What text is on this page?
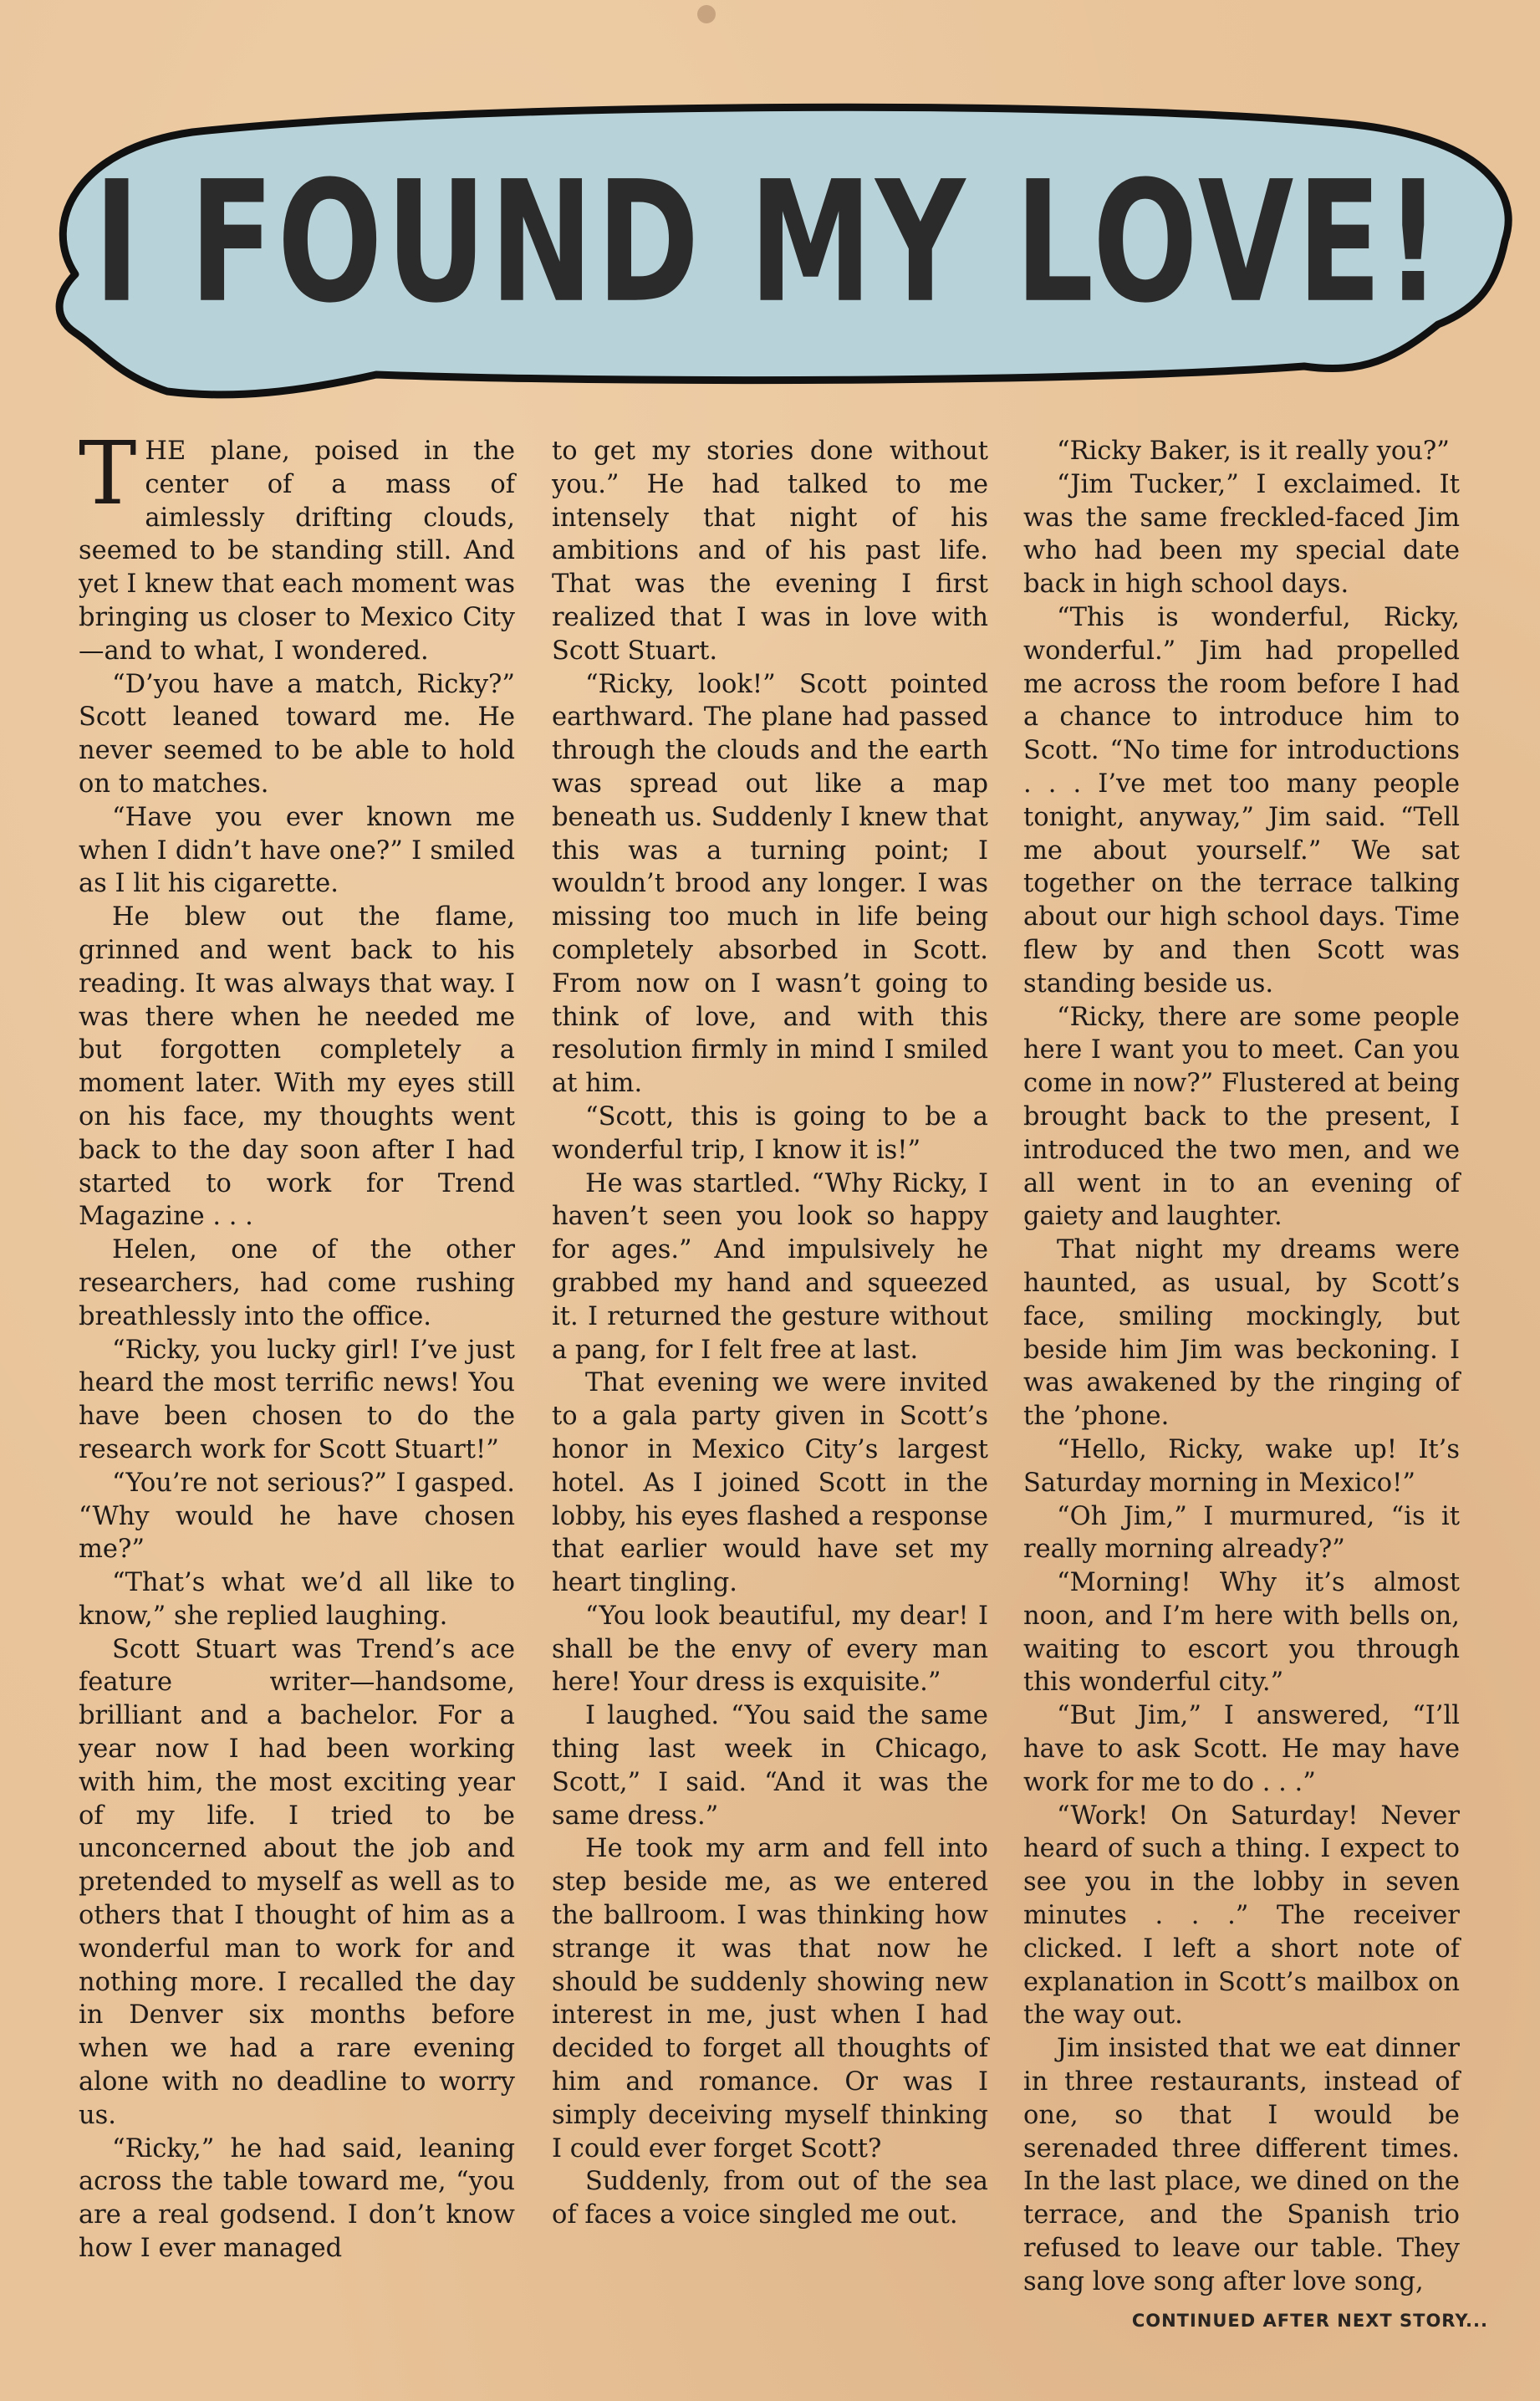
I FOUND MY LOVE!

THE plane, poised in the center of a mass of aimlessly drifting clouds, seemed to be standing still. And yet I knew that each moment was bringing us closer to Mexico City—and to what, I wondered.

“D’you have a match, Ricky?” Scott leaned toward me. He never seemed to be able to hold on to matches.

“Have you ever known me when I didn’t have one?” I smiled as I lit his cigarette.

He blew out the flame, grinned and went back to his reading. It was always that way. I was there when he needed me but forgotten completely a moment later. With my eyes still on his face, my thoughts went back to the day soon after I had started to work for Trend Magazine . . .

Helen, one of the other researchers, had come rushing breathlessly into the office.

“Ricky, you lucky girl! I’ve just heard the most terrific news! You have been chosen to do the research work for Scott Stuart!”

“You’re not serious?” I gasped. “Why would he have chosen me?”

“That’s what we’d all like to know,” she replied laughing.

Scott Stuart was Trend’s ace feature writer—handsome, brilliant and a bachelor. For a year now I had been working with him, the most exciting year of my life. I tried to be unconcerned about the job and pretended to myself as well as to others that I thought of him as a wonderful man to work for and nothing more. I recalled the day in Denver six months before when we had a rare evening alone with no deadline to worry us.

“Ricky,” he had said, leaning across the table toward me, “you are a real godsend. I don’t know how I ever managed

to get my stories done without you.” He had talked to me intensely that night of his ambitions and of his past life. That was the evening I first realized that I was in love with Scott Stuart.

“Ricky, look!” Scott pointed earthward. The plane had passed through the clouds and the earth was spread out like a map beneath us. Suddenly I knew that this was a turning point; I wouldn’t brood any longer. I was missing too much in life being completely absorbed in Scott. From now on I wasn’t going to think of love, and with this resolution firmly in mind I smiled at him.

“Scott, this is going to be a wonderful trip, I know it is!”

He was startled. “Why Ricky, I haven’t seen you look so happy for ages.” And impulsively he grabbed my hand and squeezed it. I returned the gesture without a pang, for I felt free at last.

That evening we were invited to a gala party given in Scott’s honor in Mexico City’s largest hotel. As I joined Scott in the lobby, his eyes flashed a response that earlier would have set my heart tingling.

“You look beautiful, my dear! I shall be the envy of every man here! Your dress is exquisite.”

I laughed. “You said the same thing last week in Chicago, Scott,” I said. “And it was the same dress.”

He took my arm and fell into step beside me, as we entered the ballroom. I was thinking how strange it was that now he should be suddenly showing new interest in me, just when I had decided to forget all thoughts of him and romance. Or was I simply deceiving myself thinking I could ever forget Scott?

Suddenly, from out of the sea of faces a voice singled me out.

“Ricky Baker, is it really you?”

“Jim Tucker,” I exclaimed. It was the same freckled-faced Jim who had been my special date back in high school days.

“This is wonderful, Ricky, wonderful.” Jim had propelled me across the room before I had a chance to introduce him to Scott. “No time for introductions . . . I’ve met too many people tonight, anyway,” Jim said. “Tell me about yourself.” We sat together on the terrace talking about our high school days. Time flew by and then Scott was standing beside us.

“Ricky, there are some people here I want you to meet. Can you come in now?” Flustered at being brought back to the present, I introduced the two men, and we all went in to an evening of gaiety and laughter.

That night my dreams were haunted, as usual, by Scott’s face, smiling mockingly, but beside him Jim was beckoning. I was awakened by the ringing of the ’phone.

“Hello, Ricky, wake up! It’s Saturday morning in Mexico!”

“Oh Jim,” I murmured, “is it really morning already?”

“Morning! Why it’s almost noon, and I’m here with bells on, waiting to escort you through this wonderful city.”

“But Jim,” I answered, “I’ll have to ask Scott. He may have work for me to do . . .”

“Work! On Saturday! Never heard of such a thing. I expect to see you in the lobby in seven minutes . . .” The receiver clicked. I left a short note of explanation in Scott’s mailbox on the way out.

Jim insisted that we eat dinner in three restaurants, instead of one, so that I would be serenaded three different times. In the last place, we dined on the terrace, and the Spanish trio refused to leave our table. They sang love song after love song,

CONTINUED AFTER NEXT STORY...
